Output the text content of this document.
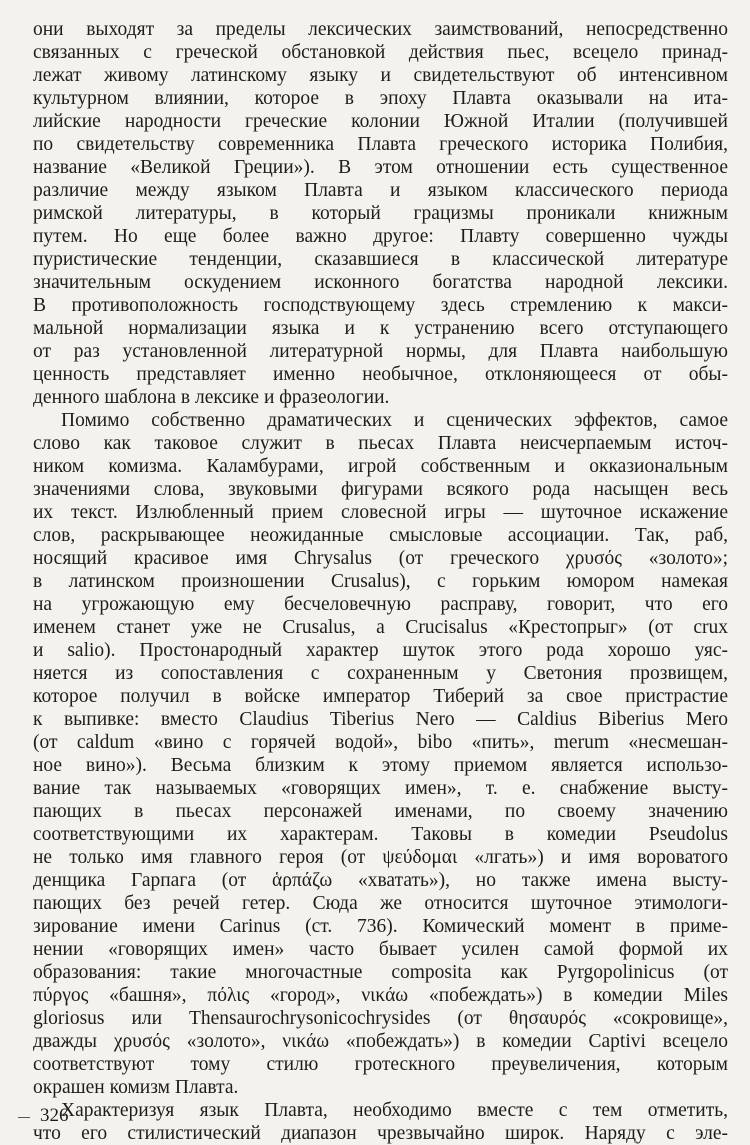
они выходят за пределы лексических заимствований, непосредственно
связанных с греческой обстановкой действия пьес, всецело принад-
лежат живому латинскому языку и свидетельствуют об интенсивном
культурном влиянии, которое в эпоху Плавта оказывали на ита-
лийские народности греческие колонии Южной Италии (получившей
по свидетельству современника Плавта греческого историка Полибия,
название «Великой Греции»). В этом отношении есть существенное
различие между языком Плавта и языком классического периода
римской литературы, в который грацизмы проникали книжным
путем. Но еще более важно другое: Плавту совершенно чужды
пуристические тенденции, сказавшиеся в классической литературе
значительным оскудением исконного богатства народной лексики.
В противоположность господствующему здесь стремлению к макси-
мальной нормализации языка и к устранению всего отступающего
от раз установленной литературной нормы, для Плавта наибольшую
ценность представляет именно необычное, отклоняющееся от обы-
денного шаблона в лексике и фразеологии.
Помимо собственно драматических и сценических эффектов, самое
слово как таковое служит в пьесах Плавта неисчерпаемым источ-
ником комизма. Каламбурами, игрой собственным и окказиональным
значениями слова, звуковыми фигурами всякого рода насыщен весь
их текст. Излюбленный прием словесной игры — шуточное искажение
слов, раскрывающее неожиданные смысловые ассоциации. Так, раб,
носящий красивое имя Chrysalus (от греческого χρυσός «золото»;
в латинском произношении Crusalus), с горьким юмором намекая
на угрожающую ему бесчеловечную расправу, говорит, что его
именем станет уже не Crusalus, а Crucisalus «Крестопрыг» (от crux
и salio). Простонародный характер шуток этого рода хорошо уяс-
няется из сопоставления с сохраненным у Светония прозвищем,
которое получил в войске император Тиберий за свое пристрастие
к выпивке: вместо Claudius Tiberius Nero — Caldius Biberius Mero
(от caldum «вино с горячей водой», bibo «пить», merum «несмешан-
ное вино»). Весьма близким к этому приемом является использо-
вание так называемых «говорящих имен», т. е. снабжение высту-
пающих в пьесах персонажей именами, по своему значению
соответствующими их характерам. Таковы в комедии Pseudolus
не только имя главного героя (от ψεύδομαι «лгать») и имя вороватого
денщика Гарпага (от ἁρπάζω «хватать»), но также имена высту-
пающих без речей гетер. Сюда же относится шуточное этимологи-
зирование имени Carinus (ст. 736). Комический момент в приме-
нении «говорящих имен» часто бывает усилен самой формой их
образования: такие многочастные composita как Pyrgopolinicus (от
πύργος «башня», πόλις «город», νικάω «побеждать») в комедии Miles
gloriosus или Thensaurochrysonicochrysides (от θησαυρός «сокровище»,
дважды χρυσός «золото», νικάω «побеждать») в комедии Captivi всецело
соответствуют тому стилю гротескного преувеличения, которым
окрашен комизм Плавта.
Характеризуя язык Плавта, необходимо вместе с тем отметить,
что его стилистический диапазон чрезвычайно широк. Наряду с эле-
326
